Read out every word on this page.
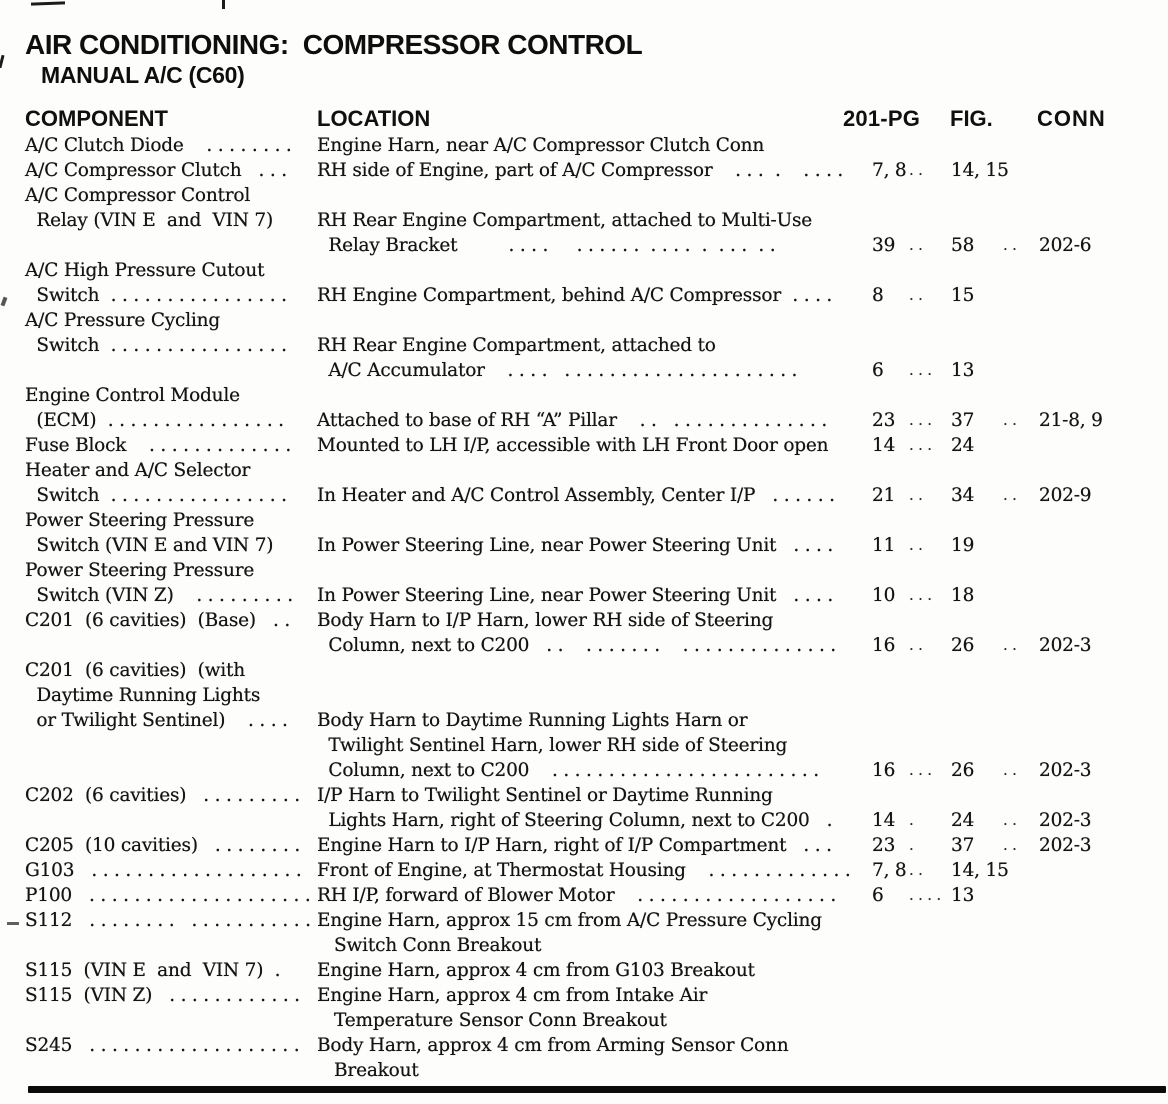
AIR CONDITIONING: COMPRESSOR CONTROL
MANUAL A/C (C60)
COMPONENT	LOCATION	201-PG FIG. CONN
A/C Clutch Diode    . . . . . . . .	Engine Harn, near A/C Compressor Clutch Conn
A/C Compressor Clutch   . . .	RH side of Engine, part of A/C Compressor    . . .  .    . . . .	7, 8 . .	14, 15
A/C Compressor Control
Relay (VIN E  and  VIN 7)	RH Rear Engine Compartment, attached to Multi-Use
Relay Bracket         . . . .     . . . . . .  . . . .  .  . . .  . .	39 . .	58	. .	202-6
A/C High Pressure Cutout
Switch  . . . . . . . . . . . . . . . .	RH Engine Compartment, behind A/C Compressor  . . . .	8	. .	15
A/C Pressure Cycling
Switch  . . . . . . . . . . . . . . . .	RH Rear Engine Compartment, attached to
A/C Accumulator    . . . .   . . . . . . . . . . . . . . . . . . . . .	6	. . .	13
Engine Control Module
(ECM)  . . . . . . . . . . . . . . . .	Attached to base of RH “A” Pillar    . .   . . . . . . . . . . . . . .	23 . . .	37	. .	21-8, 9
Fuse Block    . . . . . . . . . . . . .	Mounted to LH I/P, accessible with LH Front Door open	14 . . .	24
Heater and A/C Selector
Switch  . . . . . . . . . . . . . . . .	In Heater and A/C Control Assembly, Center I/P   . . . . . .	21 . .	34	. .	202-9
Power Steering Pressure
Switch (VIN E and VIN 7)	In Power Steering Line, near Power Steering Unit   . . . .	11 . .	19
Power Steering Pressure
Switch (VIN Z)    . . . . . . . . .	In Power Steering Line, near Power Steering Unit   . . . .	10 . . .	18
C201  (6 cavities)  (Base)   . .	Body Harn to I/P Harn, lower RH side of Steering
Column, next to C200   . .    . . . . . . .    . . . . . . . . . . . . . .	16 . .	26	. .	202-3
C201  (6 cavities)  (with
Daytime Running Lights
or Twilight Sentinel)    . . . .	Body Harn to Daytime Running Lights Harn or
Twilight Sentinel Harn, lower RH side of Steering
Column, next to C200    . . . . . . . . . . . . . . . . . . . . . . . .	16 . . .	26	. .	202-3
C202  (6 cavities)   . . . . . . . . . I/P Harn to Twilight Sentinel or Daytime Running
Lights Harn, right of Steering Column, next to C200   .	14 .	24	. .	202-3
C205  (10 cavities)   . . . . . . . . Engine Harn to I/P Harn, right of I/P Compartment   . . .	23 .	37	. .	202-3
G103   . . . . . . . . . . . . . . . . . . . Front of Engine, at Thermostat Housing    . . . . . . . . . . . . .	7, 8 . .	14, 15
P100   . . . . . . . . . . . . . . . . . . . . RH I/P, forward of Blower Motor    . . . . . . . . . . . . . . . . . .	6	. . . . 13
S112   . . . . . . . .   . . . . . . . . . . . Engine Harn, approx 15 cm from A/C Pressure Cycling
Switch Conn Breakout
S115  (VIN E  and  VIN 7)  .	Engine Harn, approx 4 cm from G103 Breakout
S115  (VIN Z)   . . . . . . . . . . . . Engine Harn, approx 4 cm from Intake Air
Temperature Sensor Conn Breakout
S245   . . . . . . . . . . . . . . . . . . . Body Harn, approx 4 cm from Arming Sensor Conn
Breakout
